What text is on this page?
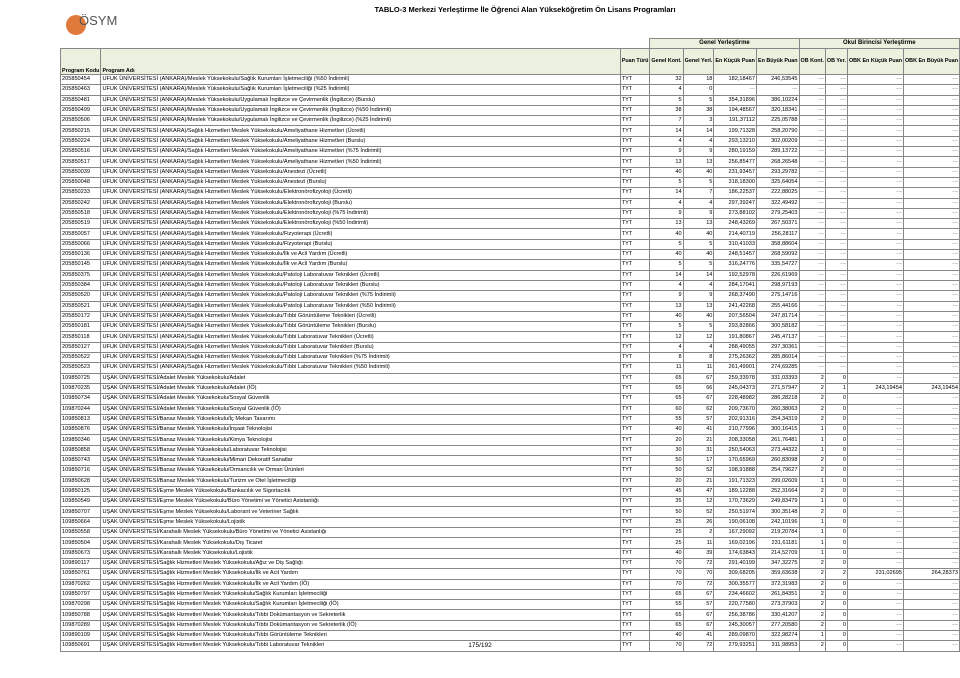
ÖSYM
TABLO-3 Merkezi Yerleştirme İle Öğrenci Alan Yükseköğretim Ön Lisans Programları
			Genel Yerleştirme				Okul Birincisi Yerleştirme			
Program Kodu	Program Adı	Puan Türü	Genel Kont.	Genel Yerl.	En Küçük Puan	En Büyük Puan	OB Kont.	OB Yer.	OBK En Küçük Puan	OBK En Büyük Puan
205850454	UFUK ÜNİVERSİTESİ (ANKARA)/Meslek Yüksekokulu/Sağlık Kurumları İşletmeciliği (%50 İndirimli)	TYT	32	18	182,18467	246,53545	---	---	---	---
205850463	UFUK ÜNİVERSİTESİ (ANKARA)/Meslek Yüksekokulu/Sağlık Kurumları İşletmeciliği (%25 İndirimli)	TYT	4	0	---	---	---	---	---	---
205850481	UFUK ÜNİVERSİTESİ (ANKARA)/Meslek Yüksekokulu/Uygulamalı İngilizce ve Çevirmenlik (İngilizce) (Burslu)	TYT	5	5	354,31896	386,10224	---	---	---	---
205850499	UFUK ÜNİVERSİTESİ (ANKARA)/Meslek Yüksekokulu/Uygulamalı İngilizce ve Çevirmenlik (İngilizce) (%50 İndirimli)	TYT	38	38	194,48567	320,18341	---	---	---	---
205850506	UFUK ÜNİVERSİTESİ (ANKARA)/Meslek Yüksekokulu/Uygulamalı İngilizce ve Çevirmenlik (İngilizce) (%25 İndirimli)	TYT	7	3	191,37112	225,05788	---	---	---	---
205850215	UFUK ÜNİVERSİTESİ (ANKARA)/Sağlık Hizmetleri Meslek Yüksekokulu/Ameliyathane Hizmetleri (Ücretli)	TYT	14	14	199,71328	258,20790	---	---	---	---
205850224	UFUK ÜNİVERSİTESİ (ANKARA)/Sağlık Hizmetleri Meslek Yüksekokulu/Ameliyathane Hizmetleri (Burslu)	TYT	4	4	293,13210	302,00209	---	---	---	---
205850516	UFUK ÜNİVERSİTESİ (ANKARA)/Sağlık Hizmetleri Meslek Yüksekokulu/Ameliyathane Hizmetleri (%75 İndirimli)	TYT	9	9	280,19159	289,13722	---	---	---	---
205850517	UFUK ÜNİVERSİTESİ (ANKARA)/Sağlık Hizmetleri Meslek Yüksekokulu/Ameliyathane Hizmetleri (%50 İndirimli)	TYT	13	13	256,85477	268,26548	---	---	---	---
205850039	UFUK ÜNİVERSİTESİ (ANKARA)/Sağlık Hizmetleri Meslek Yüksekokulu/Anestezi (Ücretli)	TYT	40	40	231,93457	293,29782	---	---	---	---
205850048	UFUK ÜNİVERSİTESİ (ANKARA)/Sağlık Hizmetleri Meslek Yüksekokulu/Anestezi (Burslu)	TYT	5	5	318,18300	325,64054	---	---	---	---
205850233	UFUK ÜNİVERSİTESİ (ANKARA)/Sağlık Hizmetleri Meslek Yüksekokulu/Elektronörofizyoloji (Ücretli)	TYT	14	7	186,22537	222,88025	---	---	---	---
205850242	UFUK ÜNİVERSİTESİ (ANKARA)/Sağlık Hizmetleri Meslek Yüksekokulu/Elektronörofizyoloji (Burslu)	TYT	4	4	297,39247	322,49492	---	---	---	---
205850518	UFUK ÜNİVERSİTESİ (ANKARA)/Sağlık Hizmetleri Meslek Yüksekokulu/Elektronörofizyoloji (%75 İndirimli)	TYT	9	9	273,88102	279,25403	---	---	---	---
205850519	UFUK ÜNİVERSİTESİ (ANKARA)/Sağlık Hizmetleri Meslek Yüksekokulu/Elektronörofizyoloji (%50 İndirimli)	TYT	13	13	248,43269	267,50371	---	---	---	---
205850057	UFUK ÜNİVERSİTESİ (ANKARA)/Sağlık Hizmetleri Meslek Yüksekokulu/Fizyoterapi (Ücretli)	TYT	40	40	214,40719	256,28117	---	---	---	---
205850066	UFUK ÜNİVERSİTESİ (ANKARA)/Sağlık Hizmetleri Meslek Yüksekokulu/Fizyoterapi (Burslu)	TYT	5	5	310,41033	358,88604	---	---	---	---
205850136	UFUK ÜNİVERSİTESİ (ANKARA)/Sağlık Hizmetleri Meslek Yüksekokulu/İlk ve Acil Yardım (Ücretli)	TYT	40	40	248,51457	268,59092	---	---	---	---
205850145	UFUK ÜNİVERSİTESİ (ANKARA)/Sağlık Hizmetleri Meslek Yüksekokulu/İlk ve Acil Yardım (Burslu)	TYT	5	5	316,24776	335,54727	---	---	---	---
205850375	UFUK ÜNİVERSİTESİ (ANKARA)/Sağlık Hizmetleri Meslek Yüksekokulu/Patoloji Laboratuvar Teknikleri (Ücretli)	TYT	14	14	192,52978	226,61969	---	---	---	---
205850384	UFUK ÜNİVERSİTESİ (ANKARA)/Sağlık Hizmetleri Meslek Yüksekokulu/Patoloji Laboratuvar Teknikleri (Burslu)	TYT	4	4	284,17041	298,97193	---	---	---	---
205850520	UFUK ÜNİVERSİTESİ (ANKARA)/Sağlık Hizmetleri Meslek Yüksekokulu/Patoloji Laboratuvar Teknikleri (%75 İndirimli)	TYT	9	9	268,37490	275,14716	---	---	---	---
205850521	UFUK ÜNİVERSİTESİ (ANKARA)/Sağlık Hizmetleri Meslek Yüksekokulu/Patoloji Laboratuvar Teknikleri (%50 İndirimli)	TYT	13	13	241,42268	255,44166	---	---	---	---
205850172	UFUK ÜNİVERSİTESİ (ANKARA)/Sağlık Hizmetleri Meslek Yüksekokulu/Tıbbi Görüntüleme Teknikleri (Ücretli)	TYT	40	40	207,56504	247,81714	---	---	---	---
205850181	UFUK ÜNİVERSİTESİ (ANKARA)/Sağlık Hizmetleri Meslek Yüksekokulu/Tıbbi Görüntüleme Teknikleri (Burslu)	TYT	5	5	293,82866	300,58182	---	---	---	---
205850118	UFUK ÜNİVERSİTESİ (ANKARA)/Sağlık Hizmetleri Meslek Yüksekokulu/Tıbbi Laboratuvar Teknikleri (Ücretli)	TYT	12	12	191,80867	245,47137	---	---	---	---
205850127	UFUK ÜNİVERSİTESİ (ANKARA)/Sağlık Hizmetleri Meslek Yüksekokulu/Tıbbi Laboratuvar Teknikleri (Burslu)	TYT	4	4	288,49055	297,30361	---	---	---	---
205850522	UFUK ÜNİVERSİTESİ (ANKARA)/Sağlık Hizmetleri Meslek Yüksekokulu/Tıbbi Laboratuvar Teknikleri (%75 İndirimli)	TYT	8	8	275,26362	285,86014	---	---	---	---
205850523	UFUK ÜNİVERSİTESİ (ANKARA)/Sağlık Hizmetleri Meslek Yüksekokulu/Tıbbi Laboratuvar Teknikleri (%50 İndirimli)	TYT	11	11	261,49901	274,69285	---	---	---	---
109850725	UŞAK ÜNİVERSİTESİ/Adalet Meslek Yüksekokulu/Adalet	TYT	65	67	259,33978	331,03393	2	0	---	---
109870235	UŞAK ÜNİVERSİTESİ/Adalet Meslek Yüksekokulu/Adalet (İÖ)	TYT	65	66	245,04373	271,57947	2	1	243,19454	243,19454
109850734	UŞAK ÜNİVERSİTESİ/Adalet Meslek Yüksekokulu/Sosyal Güvenlik	TYT	65	67	228,48982	286,28218	2	0	---	---
109870244	UŞAK ÜNİVERSİTESİ/Adalet Meslek Yüksekokulu/Sosyal Güvenlik (İÖ)	TYT	60	62	209,73670	260,38063	2	0	---	---
109850813	UŞAK ÜNİVERSİTESİ/Banaz Meslek Yüksekokulu/İç Mekan Tasarımı	TYT	55	57	202,91316	254,34319	2	0	---	---
109850876	UŞAK ÜNİVERSİTESİ/Banaz Meslek Yüksekokulu/İnşaat Teknolojisi	TYT	40	41	210,77996	300,16415	1	0	---	---
109850346	UŞAK ÜNİVERSİTESİ/Banaz Meslek Yüksekokulu/Kimya Teknolojisi	TYT	20	21	208,33058	261,76481	1	0	---	---
109850858	UŞAK ÜNİVERSİTESİ/Banaz Meslek Yüksekokulu/Laboratuvar Teknolojisi	TYT	30	31	250,54063	273,44322	1	0	---	---
109850743	UŞAK ÜNİVERSİTESİ/Banaz Meslek Yüksekokulu/Mimari Dekoratif Sanatlar	TYT	50	17	170,65969	260,83098	2	0	---	---
109850716	UŞAK ÜNİVERSİTESİ/Banaz Meslek Yüksekokulu/Ormancılık ve Orman Ürünleri	TYT	50	52	198,91888	254,79627	2	0	---	---
109850628	UŞAK ÜNİVERSİTESİ/Banaz Meslek Yüksekokulu/Turizm ve Otel İşletmeciliği	TYT	20	21	191,71323	299,02609	1	0	---	---
109850125	UŞAK ÜNİVERSİTESİ/Eşme Meslek Yüksekokulu/Bankacılık ve Sigortacılık	TYT	45	47	189,12288	252,31664	2	0	---	---
109850549	UŞAK ÜNİVERSİTESİ/Eşme Meslek Yüksekokulu/Büro Yönetimi ve Yönetici Asistanlığı	TYT	35	12	170,73629	249,83479	1	0	---	---
109850707	UŞAK ÜNİVERSİTESİ/Eşme Meslek Yüksekokulu/Laborant ve Veteriner Sağlık	TYT	50	52	250,51974	300,35148	2	0	---	---
109850664	UŞAK ÜNİVERSİTESİ/Eşme Meslek Yüksekokulu/Lojistik	TYT	25	26	190,06108	242,10196	1	0	---	---
109850558	UŞAK ÜNİVERSİTESİ/Karahallı Meslek Yüksekokulu/Büro Yönetimi ve Yönetici Asistanlığı	TYT	25	2	167,29092	219,20784	1	0	---	---
109850504	UŞAK ÜNİVERSİTESİ/Karahallı Meslek Yüksekokulu/Dış Ticaret	TYT	25	11	169,02196	231,61181	1	0	---	---
109850673	UŞAK ÜNİVERSİTESİ/Karahallı Meslek Yüksekokulu/Lojistik	TYT	40	39	174,63843	214,52709	1	0	---	---
109890117	UŞAK ÜNİVERSİTESİ/Sağlık Hizmetleri Meslek Yüksekokulu/Ağız ve Diş Sağlığı	TYT	70	72	291,40199	347,32275	2	0	---	---
109850761	UŞAK ÜNİVERSİTESİ/Sağlık Hizmetleri Meslek Yüksekokulu/İlk ve Acil Yardım	TYT	70	70	309,68205	359,63638	2	2	231,02695	264,28373
109870262	UŞAK ÜNİVERSİTESİ/Sağlık Hizmetleri Meslek Yüksekokulu/İlk ve Acil Yardım (İÖ)	TYT	70	72	300,35577	372,31983	2	0	---	---
109850797	UŞAK ÜNİVERSİTESİ/Sağlık Hizmetleri Meslek Yüksekokulu/Sağlık Kurumları İşletmeciliği	TYT	65	67	234,46602	261,84351	2	0	---	---
109870298	UŞAK ÜNİVERSİTESİ/Sağlık Hizmetleri Meslek Yüksekokulu/Sağlık Kurumları İşletmeciliği (İÖ)	TYT	55	57	220,77580	273,37903	2	0	---	---
109850788	UŞAK ÜNİVERSİTESİ/Sağlık Hizmetleri Meslek Yüksekokulu/Tıbbi Dokümantasyon ve Sekreterlik	TYT	65	67	256,38786	330,41207	2	0	---	---
109870289	UŞAK ÜNİVERSİTESİ/Sağlık Hizmetleri Meslek Yüksekokulu/Tıbbi Dokümantasyon ve Sekreterlik (İÖ)	TYT	65	67	245,30057	277,20580	2	0	---	---
109890109	UŞAK ÜNİVERSİTESİ/Sağlık Hizmetleri Meslek Yüksekokulu/Tıbbi Görüntüleme Teknikleri	TYT	40	41	289,09870	322,98274	1	0	---	---
109850691	UŞAK ÜNİVERSİTESİ/Sağlık Hizmetleri Meslek Yüksekokulu/Tıbbi Laboratuvar Teknikleri	TYT	70	72	279,93251	311,98953	2	0	---	---
175/192
